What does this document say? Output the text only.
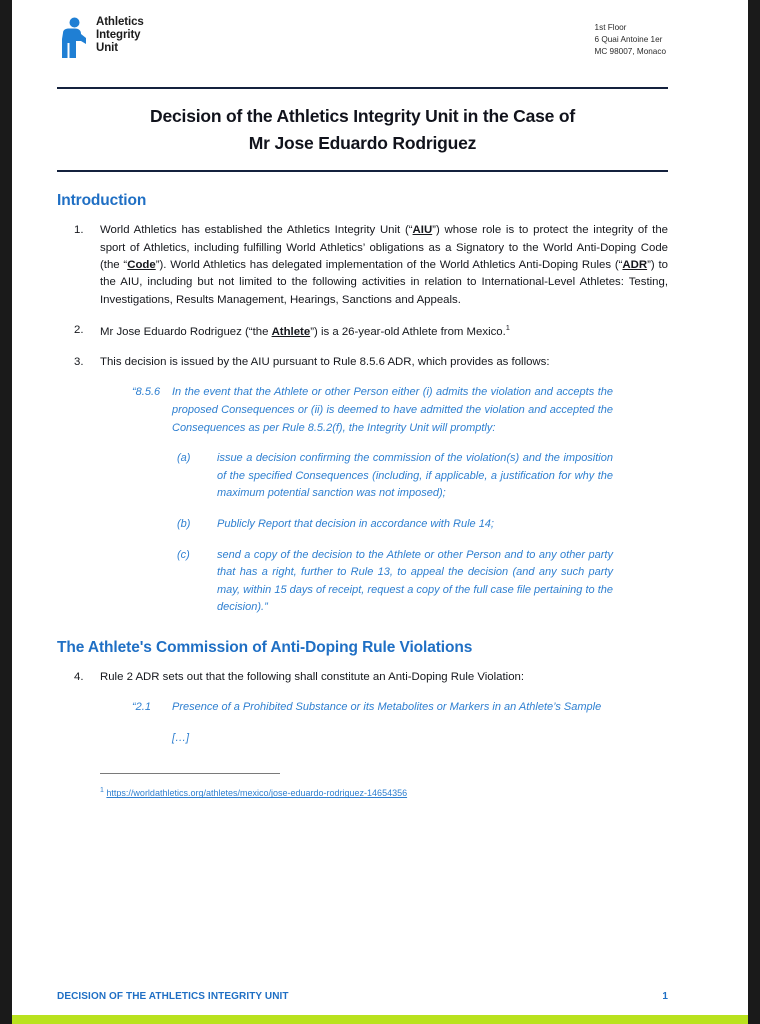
Athletics
Integrity
Unit
1st Floor
6 Quai Antoine 1er
MC 98007, Monaco
Decision of the Athletics Integrity Unit in the Case of
Mr Jose Eduardo Rodriguez
Introduction
1.	World Athletics has established the Athletics Integrity Unit (“AIU”) whose role is to protect the integrity of the sport of Athletics, including fulfilling World Athletics’ obligations as a Signatory to the World Anti-Doping Code (the “Code”). World Athletics has delegated implementation of the World Athletics Anti-Doping Rules (“ADR”) to the AIU, including but not limited to the following activities in relation to International-Level Athletes: Testing, Investigations, Results Management, Hearings, Sanctions and Appeals.
2.	Mr Jose Eduardo Rodriguez (“the Athlete”) is a 26-year-old Athlete from Mexico.$^1$
3.	This decision is issued by the AIU pursuant to Rule 8.5.6 ADR, which provides as follows:
“8.5.6 In the event that the Athlete or other Person either (i) admits the violation and accepts the proposed Consequences or (ii) is deemed to have admitted the violation and accepted the Consequences as per Rule 8.5.2(f), the Integrity Unit will promptly:
(a) issue a decision confirming the commission of the violation(s) and the imposition of the specified Consequences (including, if applicable, a justification for why the maximum potential sanction was not imposed);
(b) Publicly Report that decision in accordance with Rule 14;
(c) send a copy of the decision to the Athlete or other Person and to any other party that has a right, further to Rule 13, to appeal the decision (and any such party may, within 15 days of receipt, request a copy of the full case file pertaining to the decision).”
The Athlete's Commission of Anti-Doping Rule Violations
4.	Rule 2 ADR sets out that the following shall constitute an Anti-Doping Rule Violation:
“2.1 Presence of a Prohibited Substance or its Metabolites or Markers in an Athlete’s Sample
[…]
$^1$ https://worldathletics.org/athletes/mexico/jose-eduardo-rodriguez-14654356
DECISION OF THE ATHLETICS INTEGRITY UNIT	1
